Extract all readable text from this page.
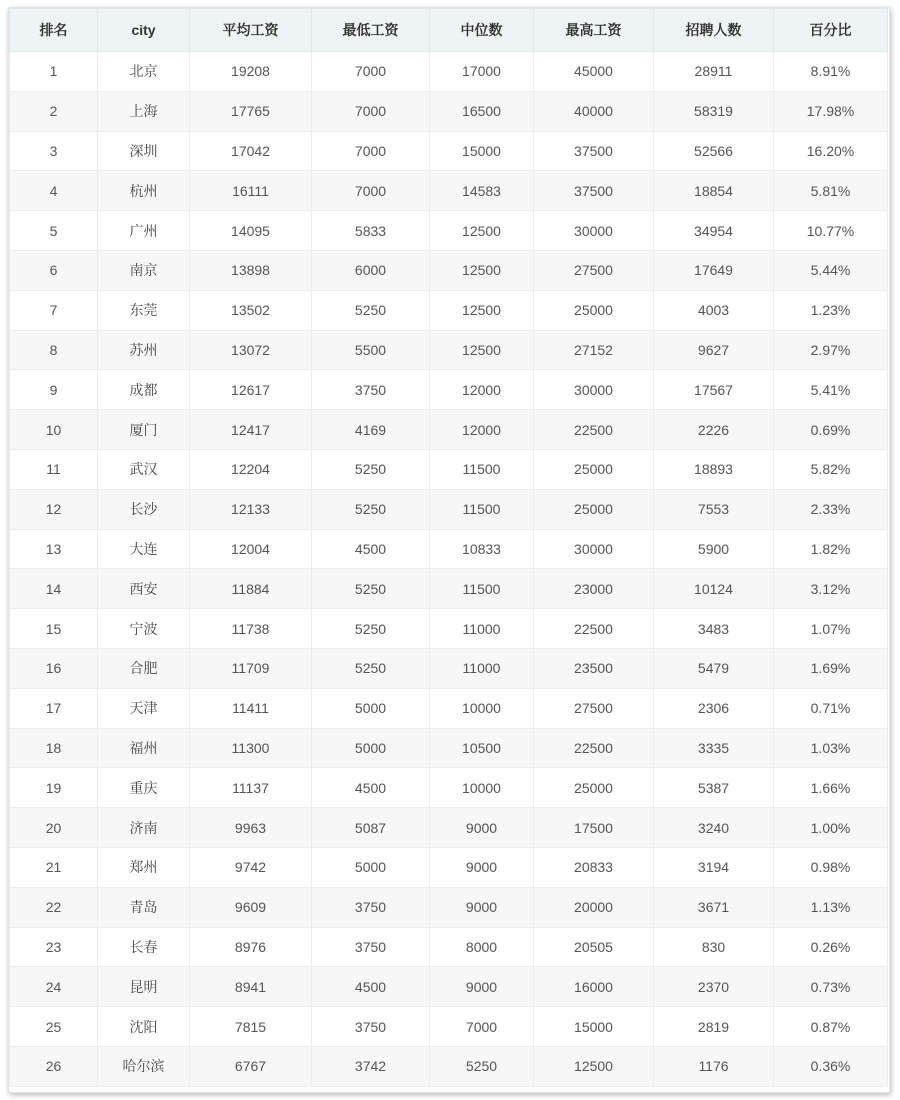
排名	city	平均工资	最低工资	中位数	最高工资	招聘人数	百分比
1	北京	19208	7000	17000	45000	28911	8.91%
2	上海	17765	7000	16500	40000	58319	17.98%
3	深圳	17042	7000	15000	37500	52566	16.20%
4	杭州	16111	7000	14583	37500	18854	5.81%
5	广州	14095	5833	12500	30000	34954	10.77%
6	南京	13898	6000	12500	27500	17649	5.44%
7	东莞	13502	5250	12500	25000	4003	1.23%
8	苏州	13072	5500	12500	27152	9627	2.97%
9	成都	12617	3750	12000	30000	17567	5.41%
10	厦门	12417	4169	12000	22500	2226	0.69%
11	武汉	12204	5250	11500	25000	18893	5.82%
12	长沙	12133	5250	11500	25000	7553	2.33%
13	大连	12004	4500	10833	30000	5900	1.82%
14	西安	11884	5250	11500	23000	10124	3.12%
15	宁波	11738	5250	11000	22500	3483	1.07%
16	合肥	11709	5250	11000	23500	5479	1.69%
17	天津	11411	5000	10000	27500	2306	0.71%
18	福州	11300	5000	10500	22500	3335	1.03%
19	重庆	11137	4500	10000	25000	5387	1.66%
20	济南	9963	5087	9000	17500	3240	1.00%
21	郑州	9742	5000	9000	20833	3194	0.98%
22	青岛	9609	3750	9000	20000	3671	1.13%
23	长春	8976	3750	8000	20505	830	0.26%
24	昆明	8941	4500	9000	16000	2370	0.73%
25	沈阳	7815	3750	7000	15000	2819	0.87%
26	哈尔滨	6767	3742	5250	12500	1176	0.36%
